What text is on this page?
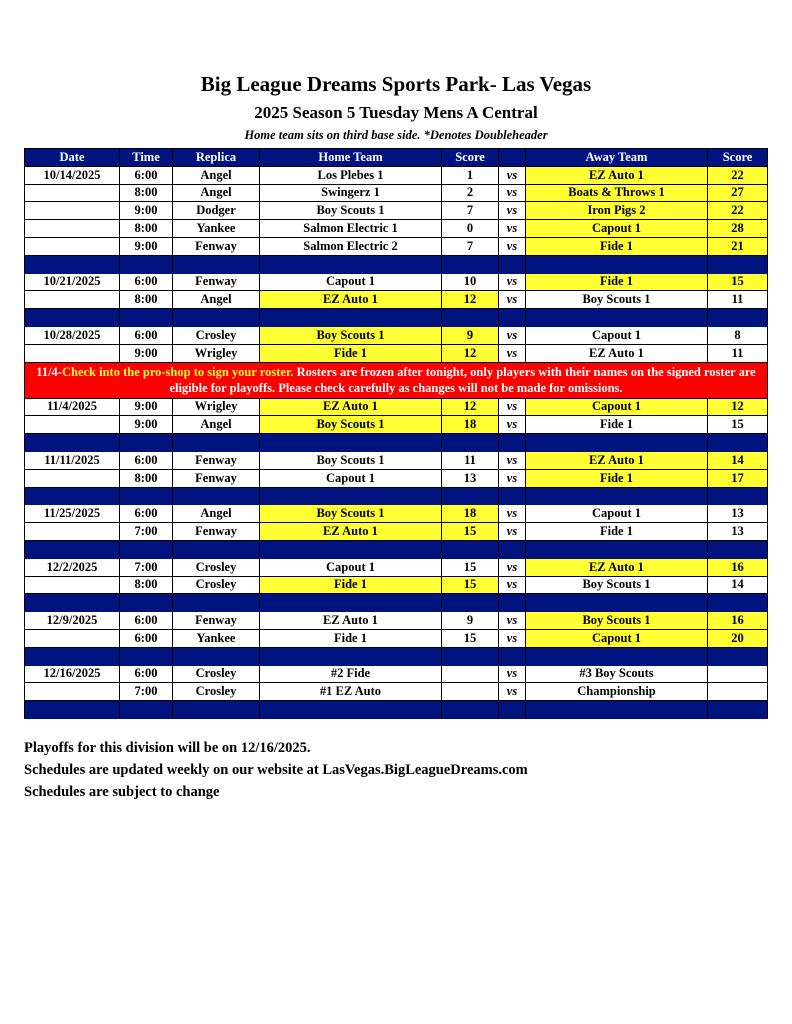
Big League Dreams Sports Park- Las Vegas
2025 Season 5 Tuesday Mens A Central
Home team sits on third base side. *Denotes Doubleheader
Date	Time	Replica	Home Team	Score		Away Team	Score
10/14/2025	6:00	Angel	Los Plebes 1	1	vs	EZ Auto 1	22
	8:00	Angel	Swingerz 1	2	vs	Boats & Throws 1	27
	9:00	Dodger	Boy Scouts 1	7	vs	Iron Pigs 2	22
	8:00	Yankee	Salmon Electric 1	0	vs	Capout 1	28
	9:00	Fenway	Salmon Electric 2	7	vs	Fide 1	21

10/21/2025	6:00	Fenway	Capout 1	10	vs	Fide 1	15
	8:00	Angel	EZ Auto 1	12	vs	Boy Scouts 1	11

10/28/2025	6:00	Crosley	Boy Scouts 1	9	vs	Capout 1	8
	9:00	Wrigley	Fide 1	12	vs	EZ Auto 1	11
11/4-Check into the pro-shop to sign your roster. Rosters are frozen after tonight, only players with their names on the signed roster are eligible for playoffs. Please check carefully as changes will not be made for omissions.							
11/4/2025	9:00	Wrigley	EZ Auto 1	12	vs	Capout 1	12
	9:00	Angel	Boy Scouts 1	18	vs	Fide 1	15

11/11/2025	6:00	Fenway	Boy Scouts 1	11	vs	EZ Auto 1	14
	8:00	Fenway	Capout 1	13	vs	Fide 1	17

11/25/2025	6:00	Angel	Boy Scouts 1	18	vs	Capout 1	13
	7:00	Fenway	EZ Auto 1	15	vs	Fide 1	13

12/2/2025	7:00	Crosley	Capout 1	15	vs	EZ Auto 1	16
	8:00	Crosley	Fide 1	15	vs	Boy Scouts 1	14

12/9/2025	6:00	Fenway	EZ Auto 1	9	vs	Boy Scouts 1	16
	6:00	Yankee	Fide 1	15	vs	Capout 1	20

12/16/2025	6:00	Crosley	#2 Fide		vs	#3 Boy Scouts	
	7:00	Crosley	#1 EZ Auto		vs	Championship	

Playoffs for this division will be on 12/16/2025.
Schedules are updated weekly on our website at LasVegas.BigLeagueDreams.com
Schedules are subject to change
